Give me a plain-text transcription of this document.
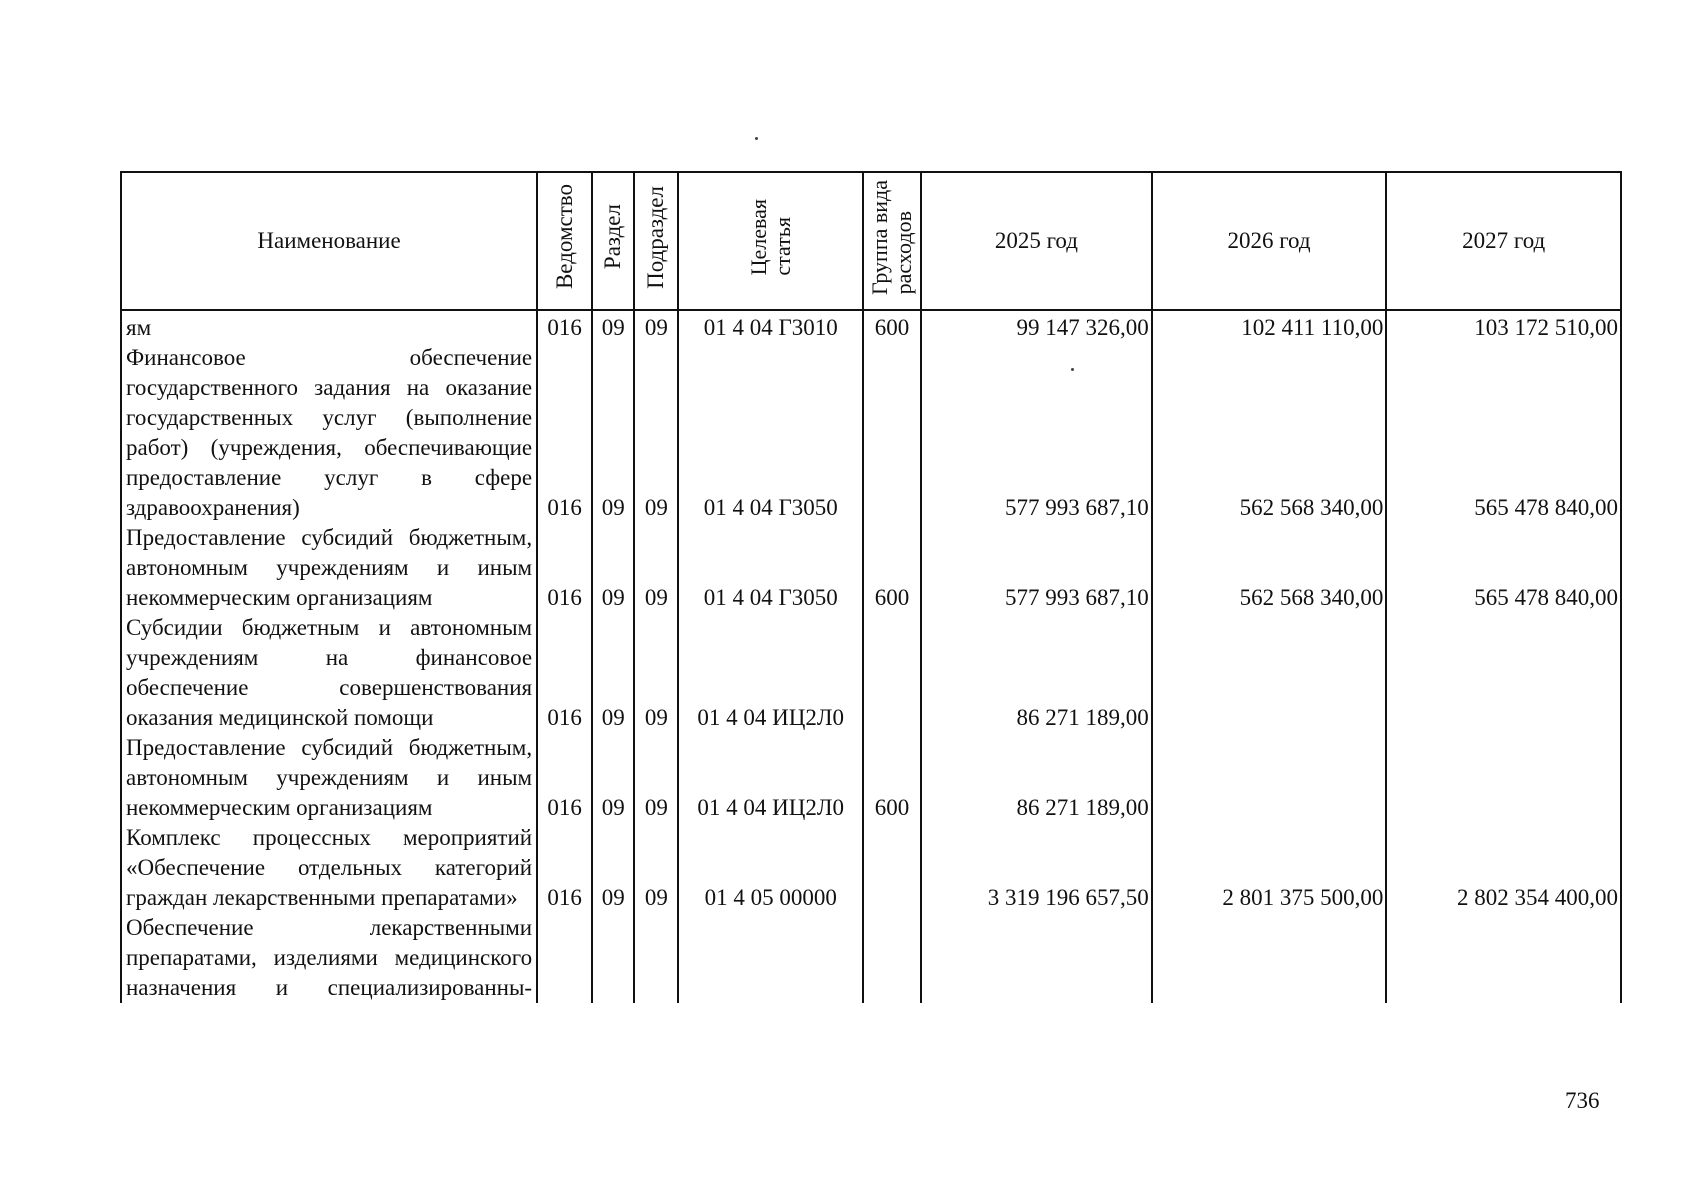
Наименование	Ведомство	Раздел	Подраздел	Целеваястатья	Группа видарасходов	2025 год	2026 год	2027 год
ям	016	09	09	01 4 04 Г3010	600	99 147 326,00	102 411 110,00	103 172 510,00
Финансовое обеспечение государственного задания на оказание государственных услуг (выполнение работ) (учреждения, обеспечивающие предоставление услуг в сфере здравоохранения)	016	09	09	01 4 04 Г3050		577 993 687,10	562 568 340,00	565 478 840,00
Предоставление субсидий бюджетным, автономным учреждениям и иным некоммерческим организациям	016	09	09	01 4 04 Г3050	600	577 993 687,10	562 568 340,00	565 478 840,00
Субсидии бюджетным и автономным учреждениям на финансовое обеспечение совершенствования оказания медицинской помощи	016	09	09	01 4 04 ИЦ2Л0		86 271 189,00		
Предоставление субсидий бюджетным, автономным учреждениям и иным некоммерческим организациям	016	09	09	01 4 04 ИЦ2Л0	600	86 271 189,00		
Комплекс процессных мероприятий «Обеспечение отдельных категорий граждан лекарственными препаратами»	016	09	09	01 4 05 00000		3 319 196 657,50	2 801 375 500,00	2 802 354 400,00
Обеспечение лекарственными препаратами, изделиями медицинского назначения и специализированны-								
736
